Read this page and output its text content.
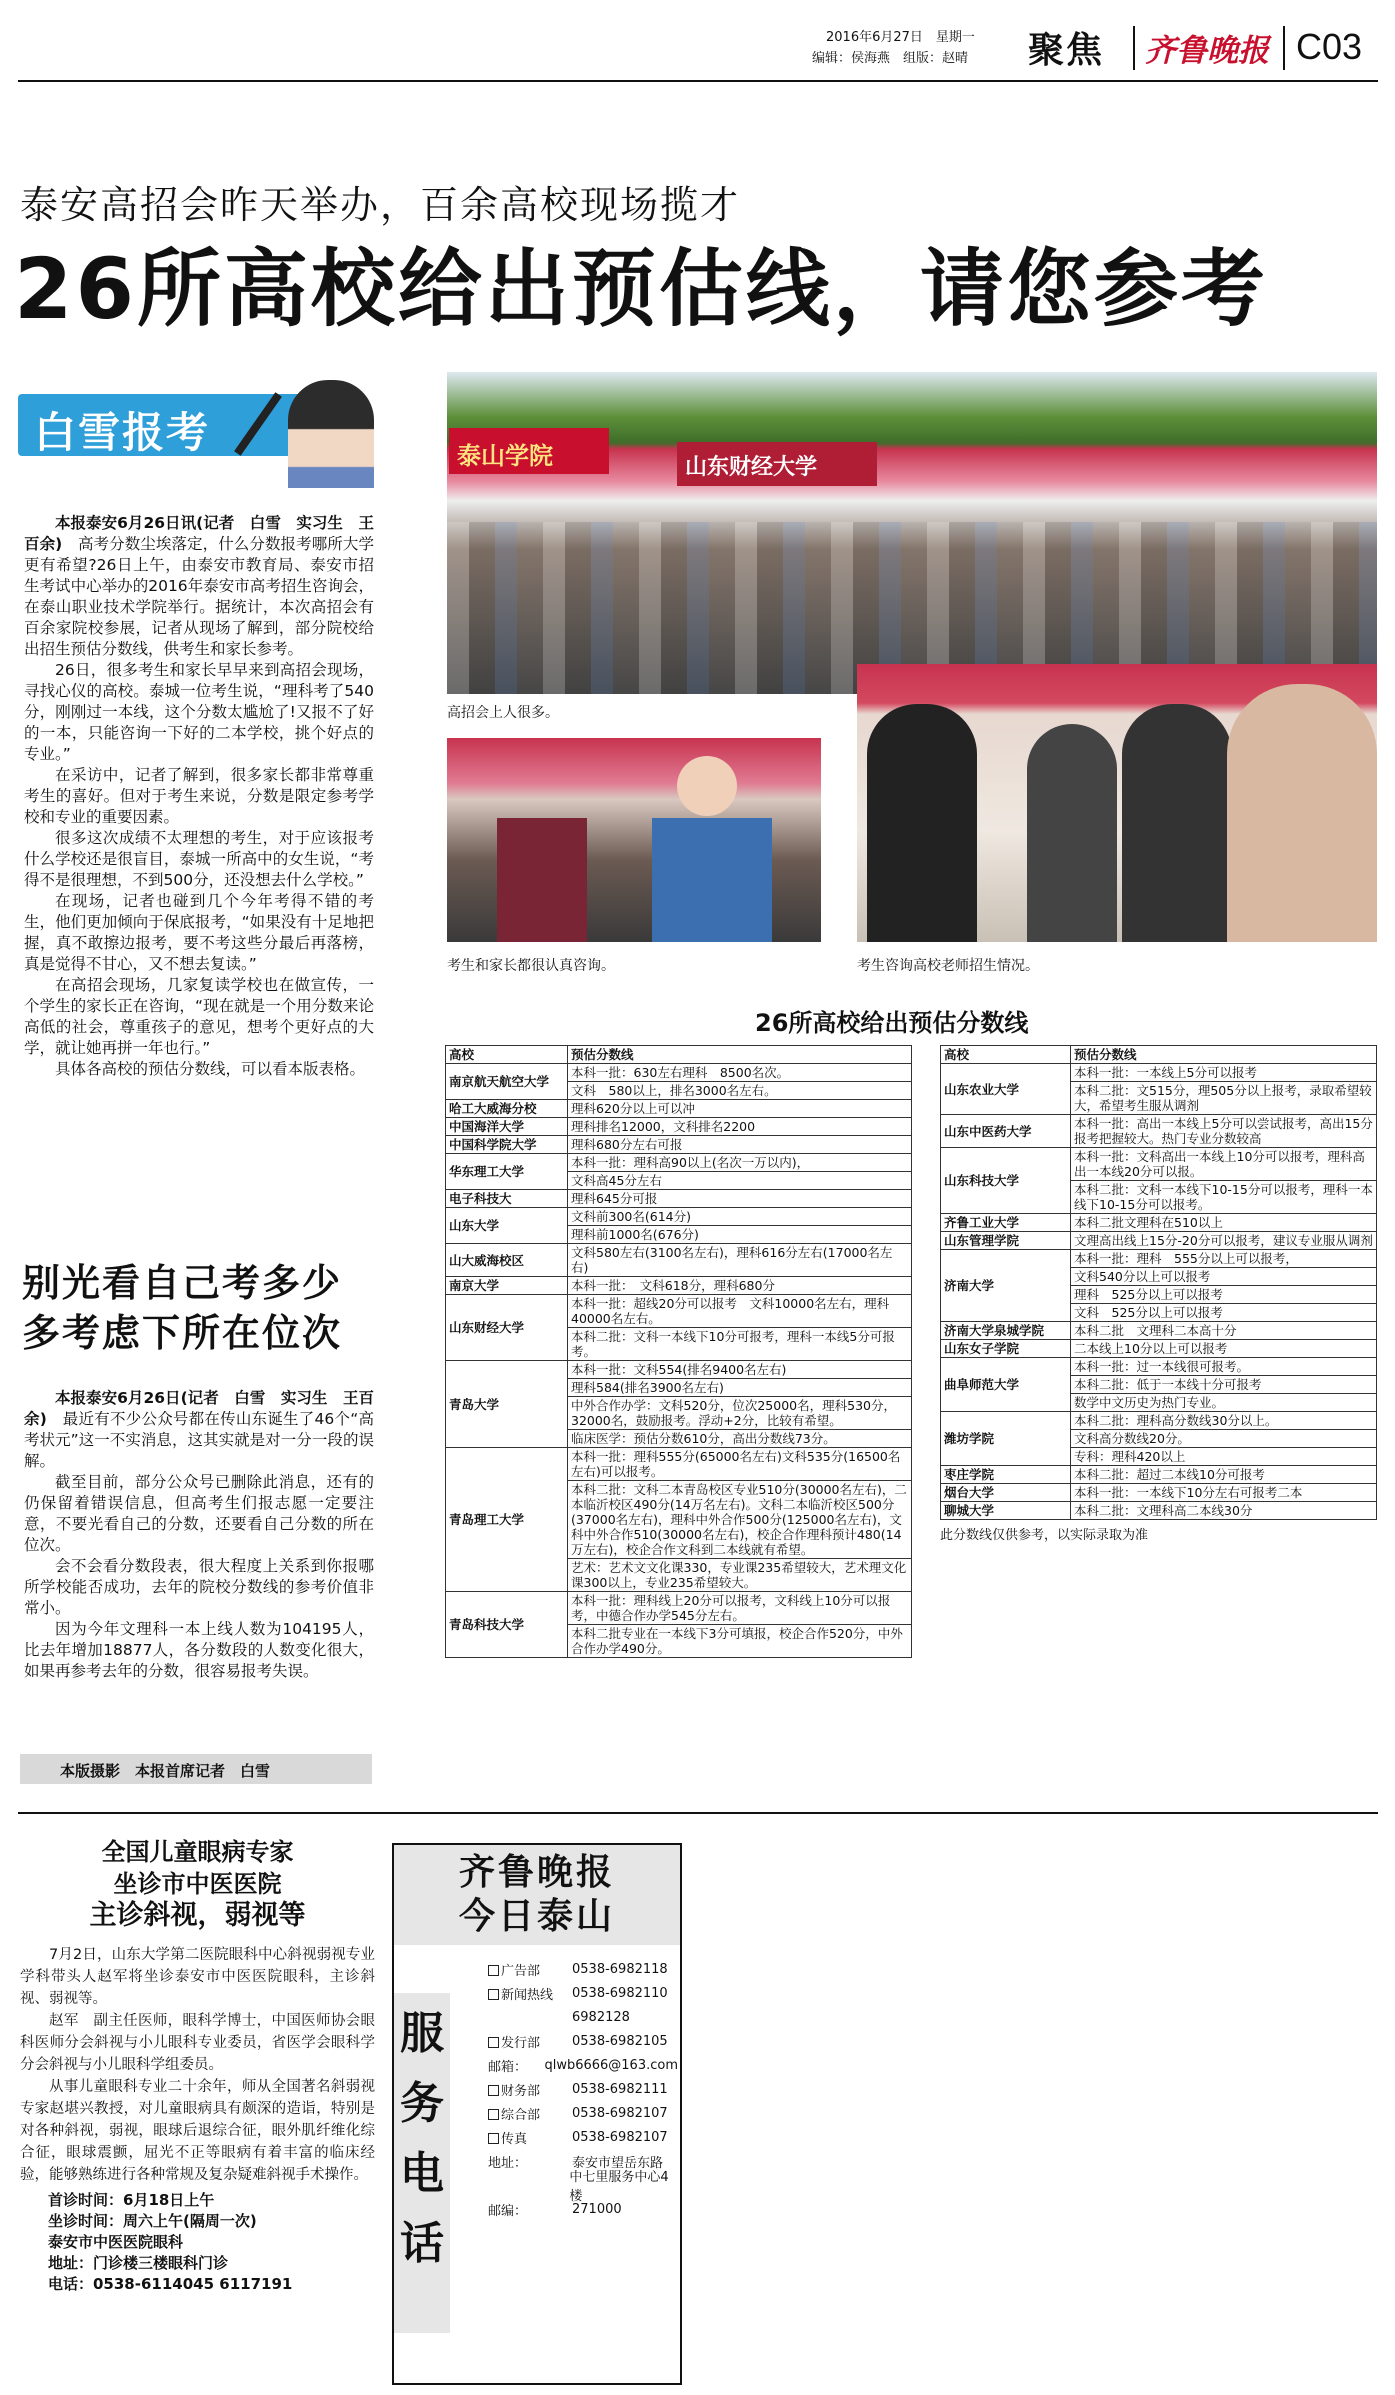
2016年6月27日　 星期一
编辑：侯海燕　 组版：赵晴 聚焦 齐鲁晚报 C03
泰安高招会昨天举办，百余高校现场揽才
26所高校给出预估线，请您参考
白雪报考

本报泰安6月26日讯(记者　白雪　实习生　王百余)　 高考分数尘埃落定，什么分数报考哪所大学更有希望?26日上午，由泰安市教育局、泰安市招生考试中心举办的2016年泰安市高考招生咨询会，在泰山职业技术学院举行。据统计，本次高招会有百余家院校参展，记者从现场了解到，部分院校给出招生预估分数线，供考生和家长参考。

26日，很多考生和家长早早来到高招会现场，寻找心仪的高校。泰城一位考生说，“理科考了540分，刚刚过一本线，这个分数太尴尬了!又报不了好的一本，只能咨询一下好的二本学校，挑个好点的专业。”

在采访中，记者了解到，很多家长都非常尊重考生的喜好。但对于考生来说，分数是限定参考学校和专业的重要因素。

很多这次成绩不太理想的考生，对于应该报考什么学校还是很盲目，泰城一所高中的女生说，“考得不是很理想，不到500分，还没想去什么学校。”

在现场，记者也碰到几个今年考得不错的考生，他们更加倾向于保底报考，“如果没有十足地把握，真不敢擦边报考，要不考这些分最后再落榜，真是觉得不甘心，又不想去复读。”

在高招会现场，几家复读学校也在做宣传，一个学生的家长正在咨询，“现在就是一个用分数来论高低的社会，尊重孩子的意见，想考个更好点的大学，就让她再拼一年也行。”

具体各高校的预估分数线，可以看本版表格。

别光看自己考多少
多考虑下所在位次

本报泰安6月26日(记者　白雪　实习生　王百余)　 最近有不少公众号都在传山东诞生了46个“高考状元”这一不实消息，这其实就是对一分一段的误解。

截至目前，部分公众号已删除此消息，还有的仍保留着错误信息，但高考生们报志愿一定要注意，不要光看自己的分数，还要看自己分数的所在位次。

会不会看分数段表，很大程度上关系到你报哪所学校能否成功，去年的院校分数线的参考价值非常小。

因为今年文理科一本上线人数为104195人，比去年增加18877人，各分数段的人数变化很大，如果再参考去年的分数，很容易报考失误。

本版摄影　本报首席记者　白雪
泰山学院	山东财经大学
高招会上人很多。
考生和家长都很认真咨询。	考生咨询高校老师招生情况。
26所高校给出预估分数线
高校	预估分数线
南京航天航空大学	本科一批：630左右理科　8500名次。
	文科　580以上，排名3000名左右。
哈工大威海分校	理科620分以上可以冲
中国海洋大学	理科排名12000，文科排名2200
中国科学院大学	理科680分左右可报
华东理工大学	本科一批：理科高90以上(名次一万以内)，
	文科高45分左右
电子科技大	理科645分可报
山东大学	文科前300名(614分)
	理科前1000名(676分)
山大威海校区	文科580左右(3100名左右)，理科616分左右(17000名左右)
南京大学	本科一批：　文科618分，理科680分
山东财经大学	本科一批：超线20分可以报考　文科10000名左右，理科40000名左右。
	本科二批：文科一本线下10分可报考，理科一本线5分可报考。
青岛大学	本科一批：文科554(排名9400名左右)
	理科584(排名3900名左右)
	中外合作办学：文科520分，位次25000名，理科530分，32000名，鼓励报考。浮动+2分，比较有希望。
	临床医学：预估分数610分，高出分数线73分。
青岛理工大学	本科一批：理科555分(65000名左右)文科535分(16500名左右)可以报考。
	本科二批：文科二本青岛校区专业510分(30000名左右)，二本临沂校区490分(14万名左右)。文科二本临沂校区500分(37000名左右)，理科中外合作500分(125000名左右)，文科中外合作510(30000名左右)，校企合作理科预计480(14万左右)，校企合作文科到二本线就有希望。
	艺术：艺术文文化课330，专业课235希望较大，艺术理文化课300以上，专业235希望较大。
青岛科技大学	本科一批：理科线上20分可以报考，文科线上10分可以报考，中德合作办学545分左右。
	本科二批专业在一本线下3分可填报，校企合作520分，中外合作办学490分。
高校	预估分数线
山东农业大学	本科一批：一本线上5分可以报考
	本科二批：文515分，理505分以上报考，录取希望较大，希望考生服从调剂
山东中医药大学	本科一批：高出一本线上5分可以尝试报考，高出15分报考把握较大。热门专业分数较高
山东科技大学	本科一批：文科高出一本线上10分可以报考，理科高出一本线20分可以报。
	本科二批：文科一本线下10-15分可以报考，理科一本线下10-15分可以报考。
齐鲁工业大学	本科二批文理科在510以上
山东管理学院	文理高出线上15分-20分可以报考，建议专业服从调剂
济南大学	本科一批：理科　555分以上可以报考，
	文科540分以上可以报考
	理科　525分以上可以报考
	文科　525分以上可以报考
济南大学泉城学院	本科二批　文理科二本高十分
山东女子学院	二本线上10分以上可以报考
曲阜师范大学	本科一批：过一本线很可报考。
	本科二批：低于一本线十分可报考
	数学中文历史为热门专业。
潍坊学院	本科二批：理科高分数线30分以上。
	文科高分数线20分。
	专科：理科420以上
枣庄学院	本科二批：超过二本线10分可报考
烟台大学	本科一批：一本线下10分左右可报考二本
聊城大学	本科二批：文理科高二本线30分
此分数线仅供参考，以实际录取为准
全国儿童眼病专家
坐诊市中医医院
主诊斜视，弱视等

7月2日，山东大学第二医院眼科中心斜视弱视专业学科带头人赵军将坐诊泰安市中医医院眼科，主诊斜视、弱视等。

赵军　副主任医师，眼科学博士，中国医师协会眼科医师分会斜视与小儿眼科专业委员，省医学会眼科学分会斜视与小儿眼科学组委员。

从事儿童眼科专业二十余年，师从全国著名斜弱视专家赵堪兴教授，对儿童眼病具有颇深的造诣，特别是对各种斜视，弱视，眼球后退综合征，眼外肌纤维化综合征，眼球震颤，屈光不正等眼病有着丰富的临床经验，能够熟练进行各种常规及复杂疑难斜视手术操作。

首诊时间：6月18日上午
坐诊时间：周六上午(隔周一次)
泰安市中医医院眼科
地址：门诊楼三楼眼科门诊
电话：0538-6114045 6117191
齐鲁晚报
今日泰山
服务电话
广告部	0538-6982118
新闻热线	0538-6982110
6982128
发行部	0538-6982105
邮箱：	qlwb6666@163.com
财务部	0538-6982111
综合部	0538-6982107
传真	0538-6982107
地址：	泰安市望岳东路
中七里服务中心4楼
邮编：	271000
